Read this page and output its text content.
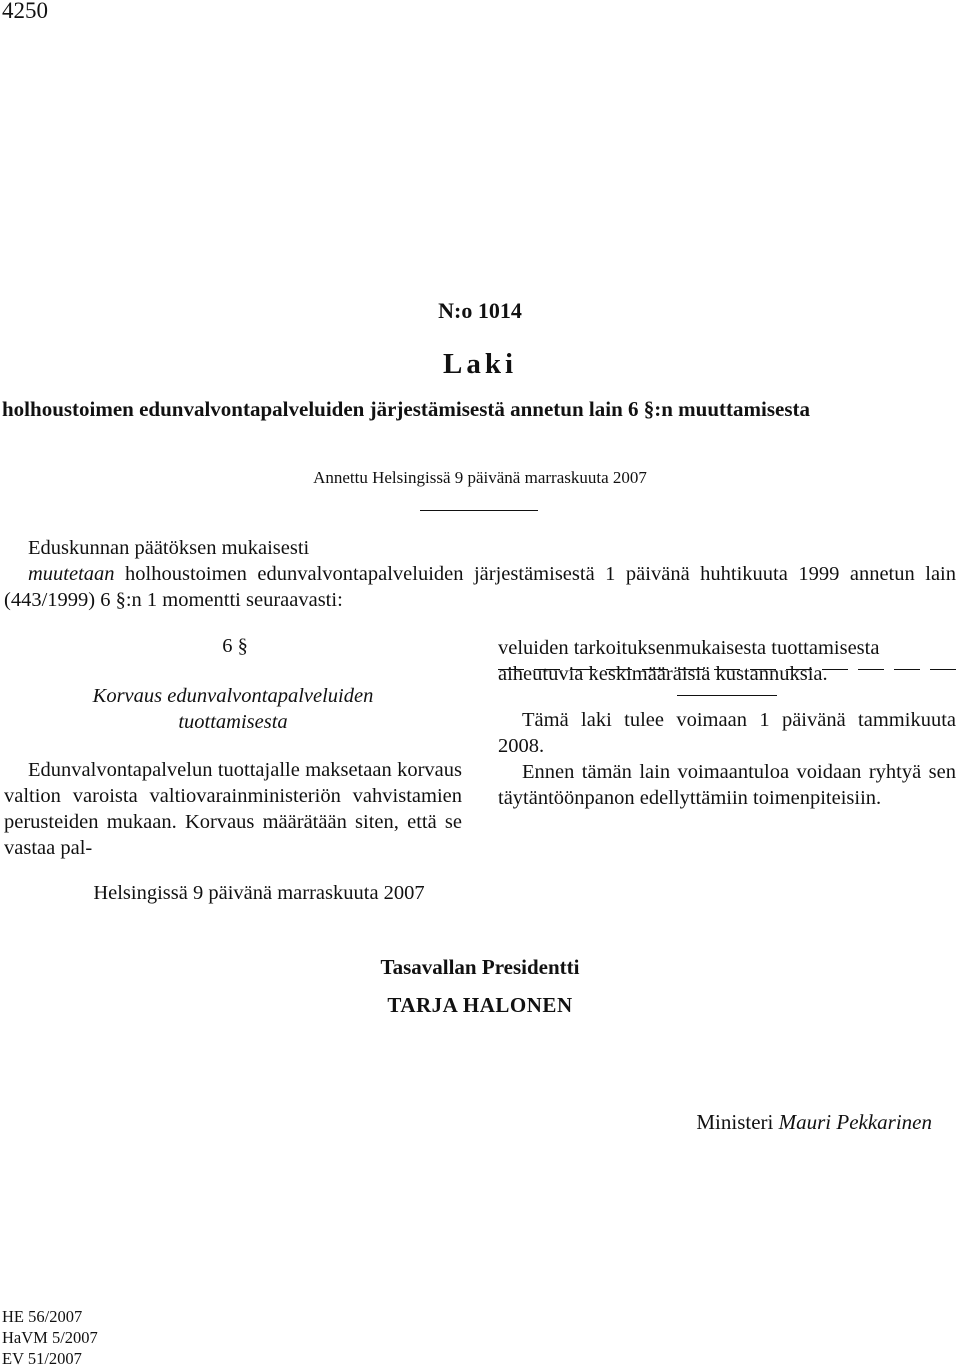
4250
N:o 1014
Laki
holhoustoimen edunvalvontapalveluiden järjestämisestä annetun lain 6 §:n muuttamisesta
Annettu Helsingissä 9 päivänä marraskuuta 2007
Eduskunnan päätöksen mukaisesti
muutetaan holhoustoimen edunvalvontapalveluiden järjestämisestä 1 päivänä huhtikuuta 1999 annetun lain (443/1999) 6 §:n 1 momentti seuraavasti:
6 §
Korvaus edunvalvontapalveluiden
tuottamisesta
Edunvalvontapalvelun tuottajalle maksetaan korvaus valtion varoista valtiovarainministeriön vahvistamien perusteiden mukaan. Korvaus määrätään siten, että se vastaa pal-

veluiden tarkoituksenmukaisesta tuottamisesta aiheutuvia keskimääräisiä kustannuksia.

Tämä laki tulee voimaan 1 päivänä tammikuuta 2008.

Ennen tämän lain voimaantuloa voidaan ryhtyä sen täytäntöönpanon edellyttämiin toimenpiteisiin.

Helsingissä 9 päivänä marraskuuta 2007
Tasavallan Presidentti
TARJA HALONEN
Ministeri Mauri Pekkarinen
HE 56/2007
HaVM 5/2007
EV 51/2007
